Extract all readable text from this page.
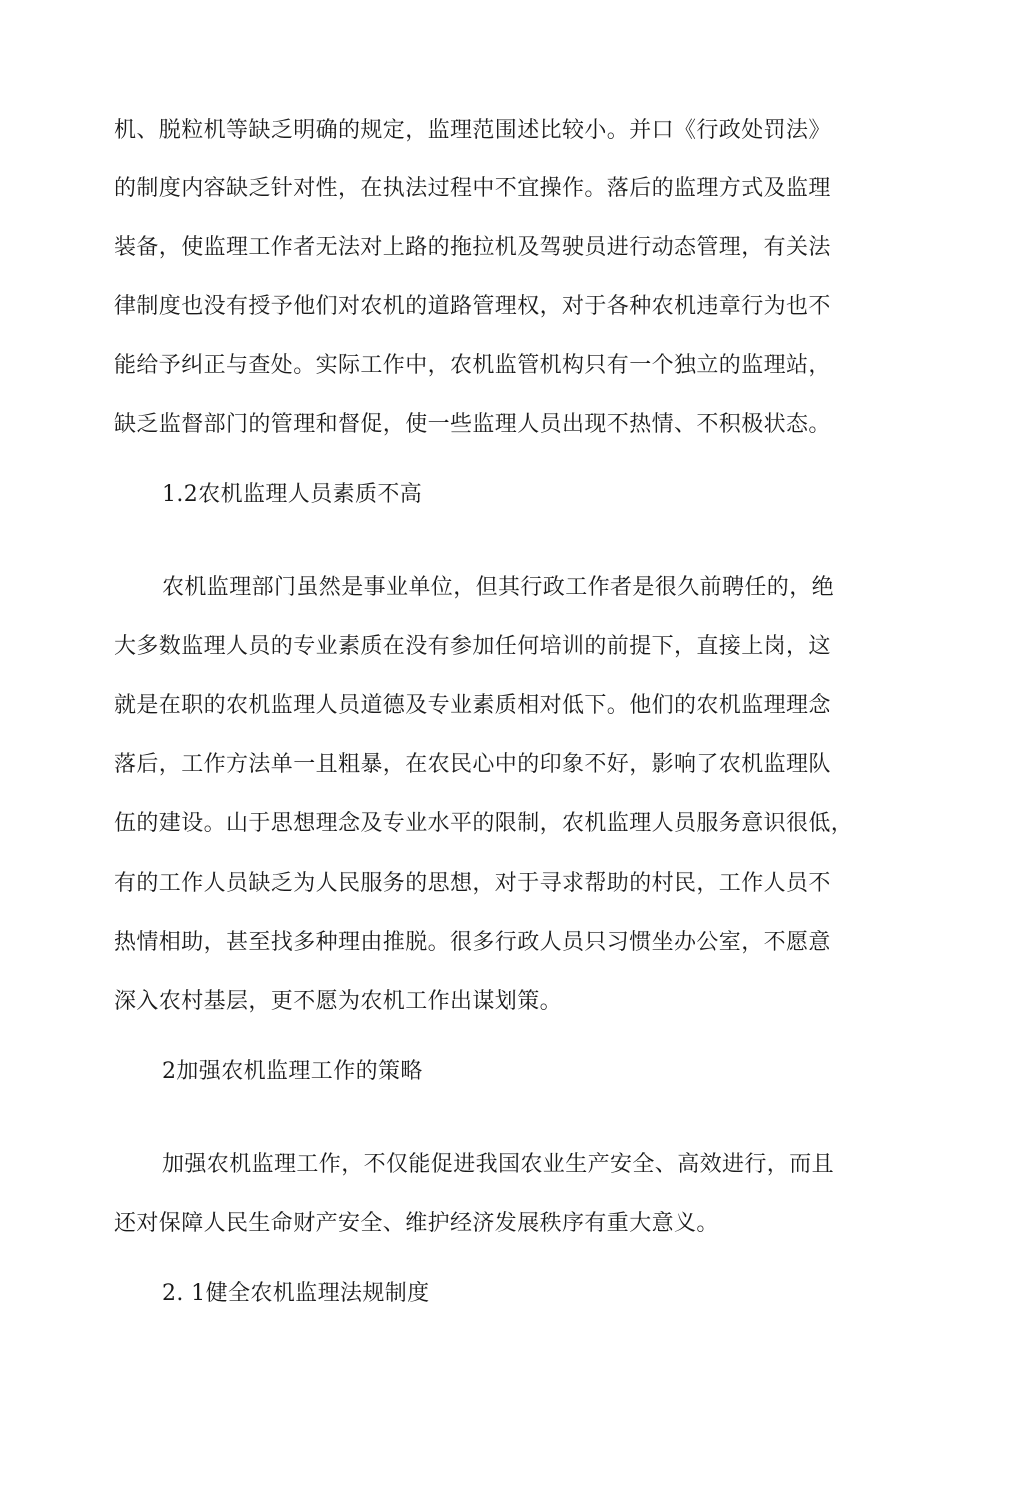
机、脱粒机等缺乏明确的规定，监理范围述比较小。并口《行政处罚法》
的制度内容缺乏针对性，在执法过程中不宜操作。落后的监理方式及监理
装备，使监理工作者无法对上路的拖拉机及驾驶员进行动态管理，有关法
律制度也没有授予他们对农机的道路管理权，对于各种农机违章行为也不
能给予纠正与查处。实际工作中，农机监管机构只有一个独立的监理站，
缺乏监督部门的管理和督促，使一些监理人员出现不热情、不积极状态。
1.2农机监理人员素质不高
农机监理部门虽然是事业单位，但其行政工作者是很久前聘任的，绝
大多数监理人员的专业素质在没有参加任何培训的前提下，直接上岗，这
就是在职的农机监理人员道德及专业素质相对低下。他们的农机监理理念
落后，工作方法单一且粗暴，在农民心中的印象不好，影响了农机监理队
伍的建设。山于思想理念及专业水平的限制，农机监理人员服务意识很低，
有的工作人员缺乏为人民服务的思想，对于寻求帮助的村民，工作人员不
热情相助，甚至找多种理由推脱。很多行政人员只习惯坐办公室，不愿意
深入农村基层，更不愿为农机工作出谋划策。
2加强农机监理工作的策略
加强农机监理工作，不仅能促进我国农业生产安全、高效进行，而且
还对保障人民生命财产安全、维护经济发展秩序有重大意义。
2. 1健全农机监理法规制度
